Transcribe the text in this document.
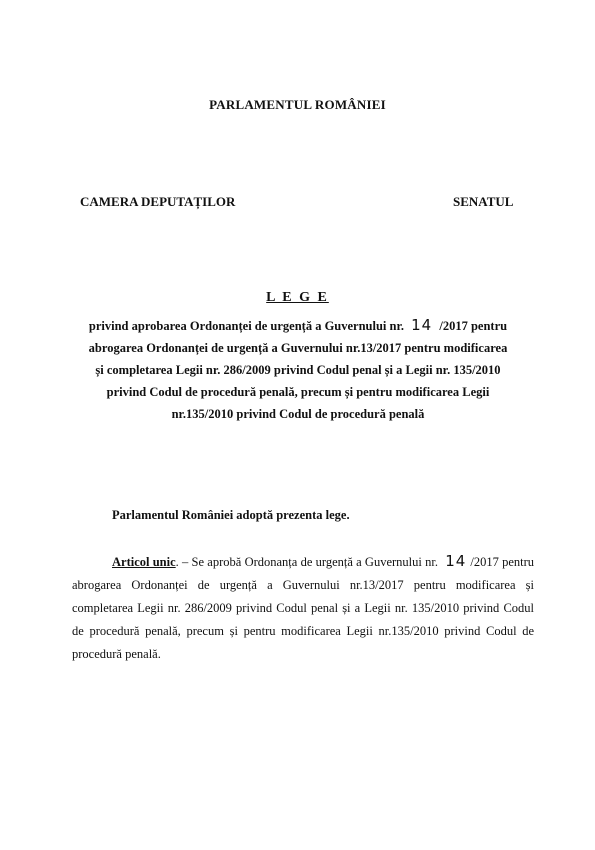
PARLAMENTUL ROMÂNIEI
CAMERA DEPUTAȚILOR	SENATUL
L E G E
privind aprobarea Ordonanței de urgență a Guvernului nr. 14 /2017 pentru abrogarea Ordonanței de urgență a Guvernului nr.13/2017 pentru modificarea și completarea Legii nr. 286/2009 privind Codul penal și a Legii nr. 135/2010 privind Codul de procedură penală, precum și pentru modificarea Legii nr.135/2010 privind Codul de procedură penală
Parlamentul României adoptă prezenta lege.
Articol unic. – Se aprobă Ordonanța de urgență a Guvernului nr. 14 /2017 pentru abrogarea Ordonanței de urgență a Guvernului nr.13/2017 pentru modificarea și completarea Legii nr. 286/2009 privind Codul penal și a Legii nr. 135/2010 privind Codul de procedură penală, precum și pentru modificarea Legii nr.135/2010 privind Codul de procedură penală.
